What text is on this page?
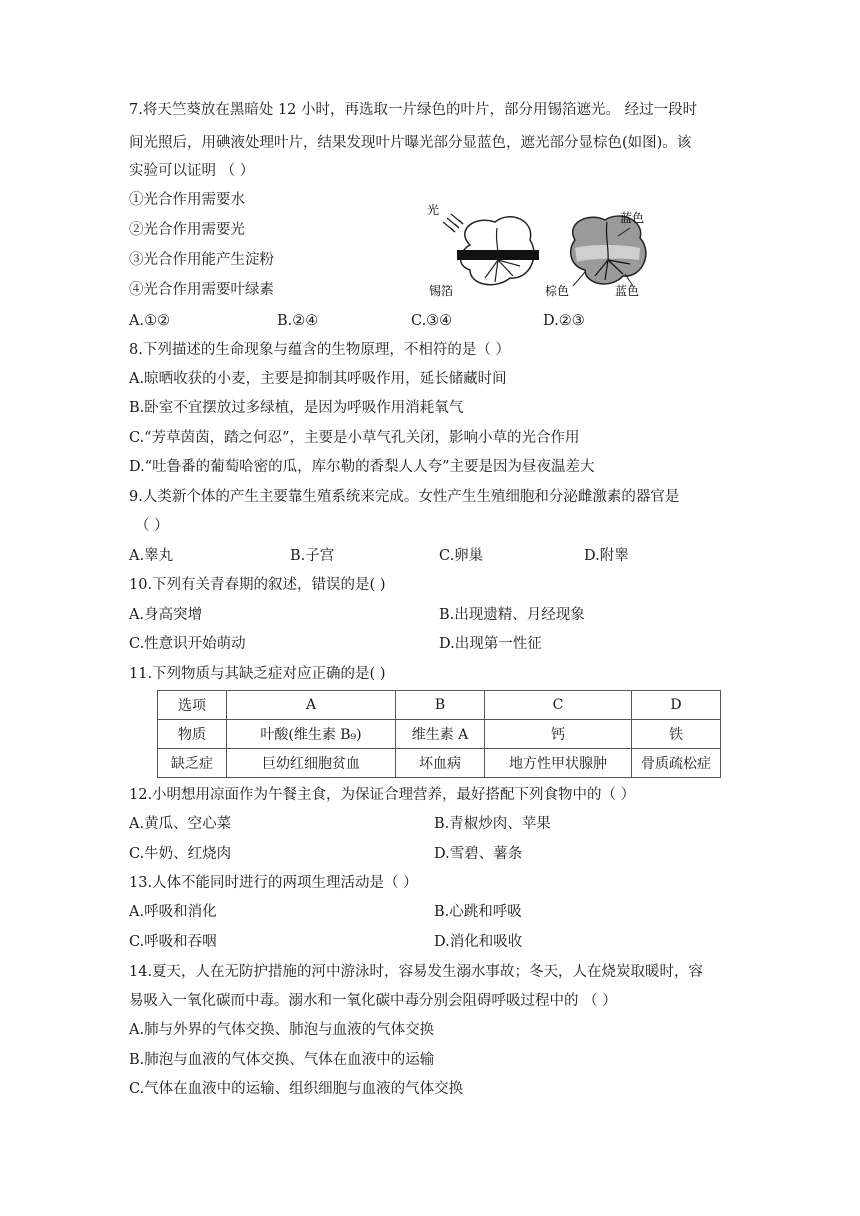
7.将天竺葵放在黑暗处 12 小时，再选取一片绿色的叶片，部分用锡箔遮光。 经过一段时
间光照后，用碘液处理叶片，结果发现叶片曝光部分显蓝色，遮光部分显棕色(如图)。该
实验可以证明 （ ）
①光合作用需要水
②光合作用需要光
③光合作用能产生淀粉
④光合作用需要叶绿素
光
锡箔
蓝色
棕色	蓝色
A.①②	B.②④	C.③④	D.②③
8.下列描述的生命现象与蕴含的生物原理，不相符的是（ ）
A.晾晒收获的小麦，主要是抑制其呼吸作用，延长储藏时间
B.卧室不宜摆放过多绿植，是因为呼吸作用消耗氧气
C.“芳草茵茵，踏之何忍”，主要是小草气孔关闭，影响小草的光合作用
D.“吐鲁番的葡萄哈密的瓜，库尔勒的香梨人人夸”主要是因为昼夜温差大
9.人类新个体的产生主要靠生殖系统来完成。女性产生生殖细胞和分泌雌激素的器官是
（ ）
A.睾丸	B.子宫	C.卵巢	D.附睾
10.下列有关青春期的叙述，错误的是( )
A.身高突增	B.出现遗精、月经现象
C.性意识开始萌动	D.出现第一性征
11.下列物质与其缺乏症对应正确的是( )
选项	A	B	C	D
物质	叶酸(维生素 B₉)	维生素 A	钙	铁
缺乏症	巨幼红细胞贫血	坏血病	地方性甲状腺肿	骨质疏松症
12.小明想用凉面作为午餐主食，为保证合理营养，最好搭配下列食物中的（ ）
A.黄瓜、空心菜	B.青椒炒肉、苹果
C.牛奶、红烧肉	D.雪碧、薯条
13.人体不能同时进行的两项生理活动是（ ）
A.呼吸和消化	B.心跳和呼吸
C.呼吸和吞咽	D.消化和吸收
14.夏天，人在无防护措施的河中游泳时，容易发生溺水事故；冬天，人在烧炭取暖时，容
易吸入一氧化碳而中毒。溺水和一氧化碳中毒分别会阻碍呼吸过程中的 （ ）
A.肺与外界的气体交换、肺泡与血液的气体交换
B.肺泡与血液的气体交换、气体在血液中的运输
C.气体在血液中的运输、组织细胞与血液的气体交换
